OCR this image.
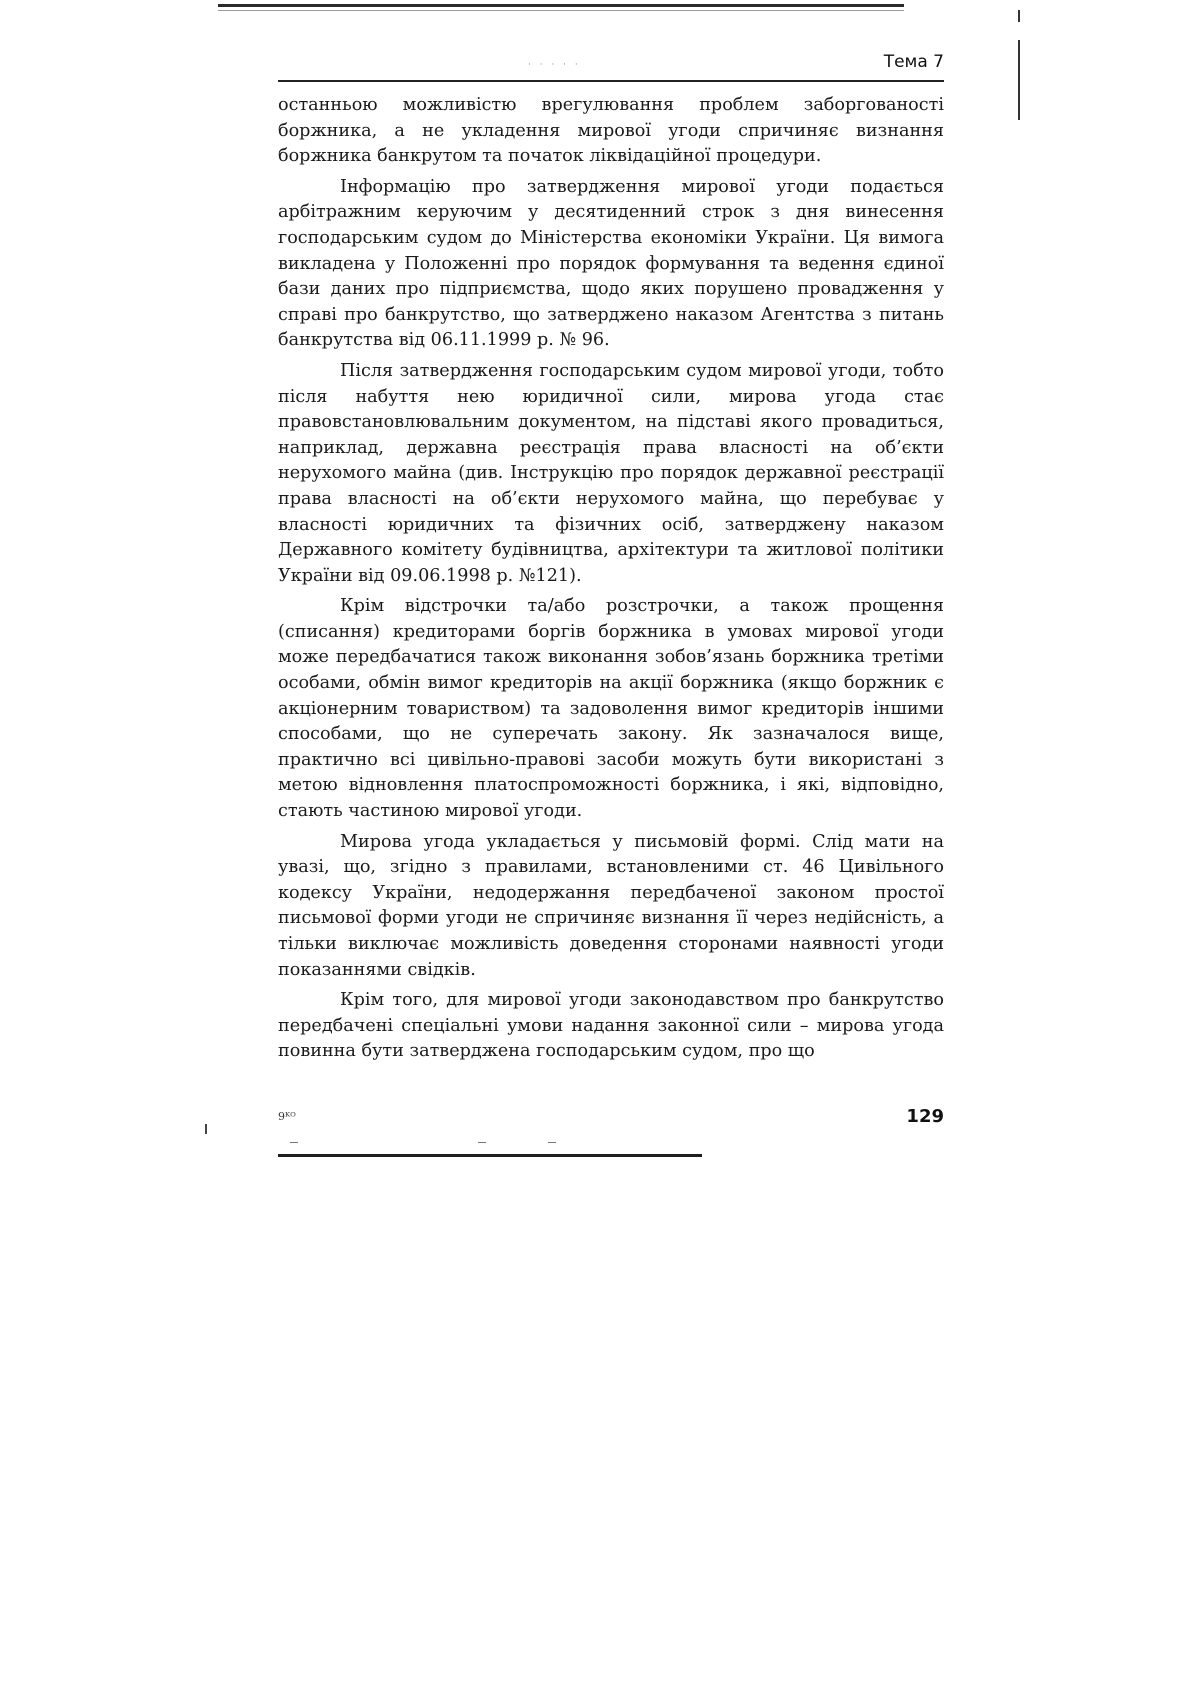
· · · · ·	Тема 7

останньою можливістю врегулювання проблем заборгованості боржника, а не укладення мирової угоди спричиняє визнання боржника банкрутом та початок ліквідаційної процедури.

Інформацію про затвердження мирової угоди подається арбітражним керуючим у десятиденний строк з дня винесення господарським судом до Міністерства економіки України. Ця вимога викладена у Положенні про порядок формування та ведення єдиної бази даних про підприємства, щодо яких порушено провадження у справі про банкрутство, що затверджено наказом Агентства з питань банкрутства від 06.11.1999 р. № 96.

Після затвердження господарським судом мирової угоди, тобто після набуття нею юридичної сили, мирова угода стає правовстановлювальним документом, на підставі якого провадиться, наприклад, державна реєстрація права власності на об’єкти нерухомого майна (див. Інструкцію про порядок державної реєстрації права власності на об’єкти нерухомого майна, що перебуває у власності юридичних та фізичних осіб, затверджену наказом Державного комітету будівництва, архітектури та житлової політики України від 09.06.1998 р. №121).

Крім відстрочки та/або розстрочки, а також прощення (списання) кредиторами боргів боржника в умовах мирової угоди може передбачатися також виконання зобов’язань боржника третіми особами, обмін вимог кредиторів на акції боржника (якщо боржник є акціонерним товариством) та задоволення вимог кредиторів іншими способами, що не суперечать закону. Як зазначалося вище, практично всі цивільно-правові засоби можуть бути використані з метою відновлення платоспроможності боржника, і які, відповідно, стають частиною мирової угоди.

Мирова угода укладається у письмовій формі. Слід мати на увазі, що, згідно з правилами, встановленими ст. 46 Цивільного кодексу України, недодержання передбаченої законом простої письмової форми угоди не спричиняє визнання її через недійсність, а тільки виключає можливість доведення сторонами наявності угоди показаннями свідків.

Крім того, для мирової угоди законодавством про банкрутство передбачені спеціальні умови надання законної сили – мирова угода повинна бути затверджена господарським судом, про що

9ᴷᴼ	129
